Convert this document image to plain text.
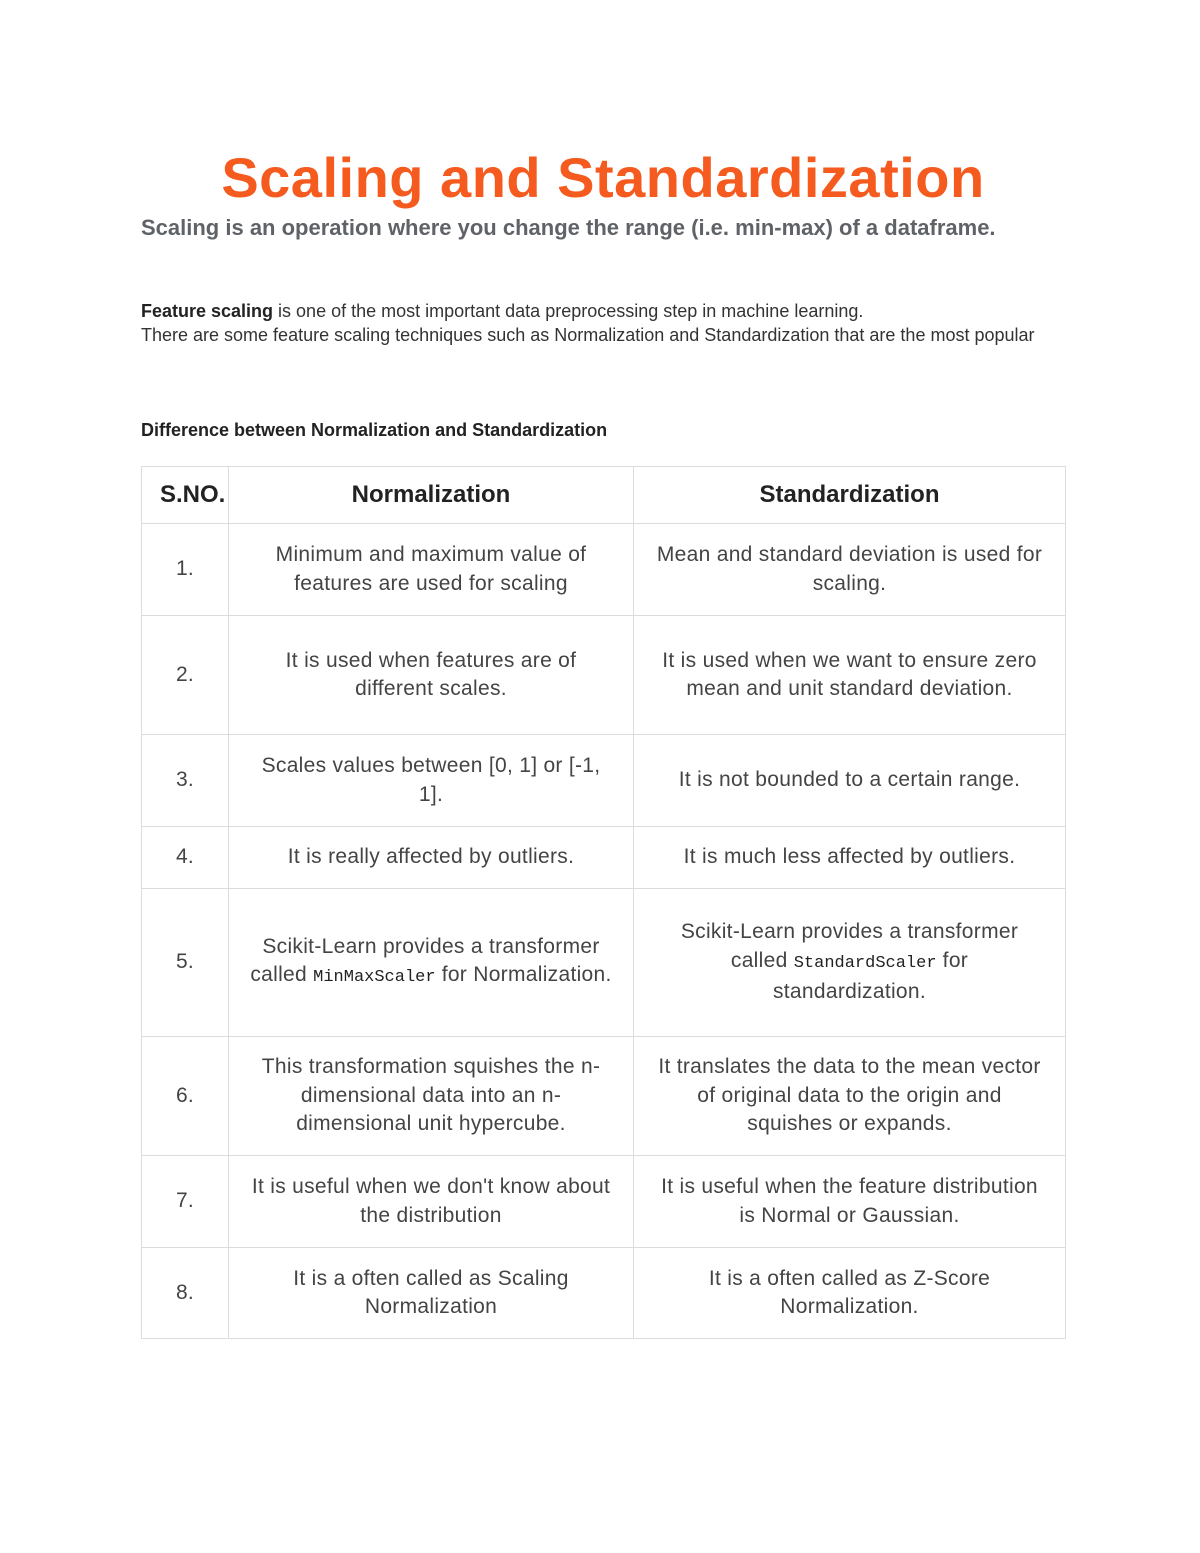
Scaling and Standardization

Scaling is an operation where you change the range (i.e. min-max) of a dataframe.

Feature scaling is one of the most important data preprocessing step in machine learning.
There are some feature scaling techniques such as Normalization and Standardization that are the most popular

Difference between Normalization and Standardization

S.NO.	Normalization	Standardization
1.	Minimum and maximum value of features are used for scaling	Mean and standard deviation is used for scaling.
2.	It is used when features are of different scales.	It is used when we want to ensure zero mean and unit standard deviation.
3.	Scales values between [0, 1] or [-1, 1].	It is not bounded to a certain range.
4.	It is really affected by outliers.	It is much less affected by outliers.
5.	Scikit-Learn provides a transformer called MinMaxScaler for Normalization.	Scikit-Learn provides a transformer called StandardScaler for standardization.
6.	This transformation squishes the n-dimensional data into an n-dimensional unit hypercube.	It translates the data to the mean vector of original data to the origin and squishes or expands.
7.	It is useful when we don't know about the distribution	It is useful when the feature distribution is Normal or Gaussian.
8.	It is a often called as Scaling Normalization	It is a often called as Z-Score Normalization.
